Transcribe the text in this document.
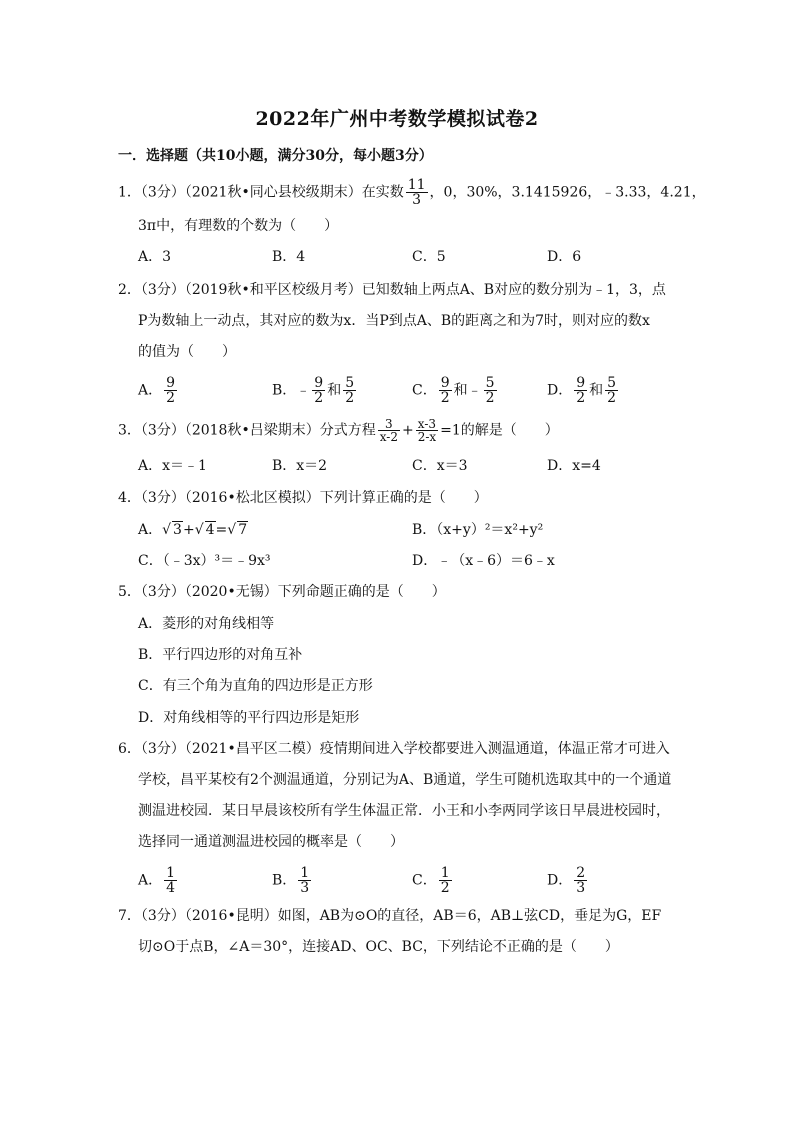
2022年广州中考数学模拟试卷2
一．选择题（共10小题，满分30分，每小题3分）
1．（3分）（2021秋•同心县校级期末）在实数 $\frac{11}{3}$ ，0，30%，3.1415926，﹣3.33，4.21，
3π中，有理数的个数为（　　）
A．3	B．4	C．5	D．6
2．（3分）（2019秋•和平区校级月考）已知数轴上两点A、B对应的数分别为﹣1，3，点
P为数轴上一动点，其对应的数为x．当P到点A、B的距离之和为7时，则对应的数x
的值为（　　）
A． $\frac{9}{2}$	B．﹣ $\frac{9}{2}$ 和 $\frac{5}{2}$	C． $\frac{9}{2}$ 和﹣ $\frac{5}{2}$	D． $\frac{9}{2}$ 和 $\frac{5}{2}$
3．（3分）（2018秋•吕梁期末）分式方程 $\frac{3}{x-2} + \frac{x-3}{2-x} =1$的解是（　　）
A．x＝﹣1	B．x＝2	C．x＝3	D．x=4
4．（3分）（2016•松北区模拟）下列计算正确的是（　　）
A．√ 3+√ 4=√ 7	B．（x+y）²＝x²+y²
C．（﹣3x）³＝﹣9x³	D．﹣（x﹣6）＝6﹣x
5．（3分）（2020•无锡）下列命题正确的是（　　）
A．菱形的对角线相等
B．平行四边形的对角互补
C．有三个角为直角的四边形是正方形
D．对角线相等的平行四边形是矩形
6．（3分）（2021•昌平区二模）疫情期间进入学校都要进入测温通道，体温正常才可进入
学校，昌平某校有2个测温通道，分别记为A、B通道，学生可随机选取其中的一个通道
测温进校园．某日早晨该校所有学生体温正常．小王和小李两同学该日早晨进校园时，
选择同一通道测温进校园的概率是（　　）
A． $\frac{1}{4}$	B． $\frac{1}{3}$	C． $\frac{1}{2}$	D． $\frac{2}{3}$
7．（3分）（2016•昆明）如图，AB为⊙O的直径，AB＝6，AB⊥弦CD，垂足为G，EF
切⊙O于点B，∠A＝30°，连接AD、OC、BC，下列结论不正确的是（　　）
